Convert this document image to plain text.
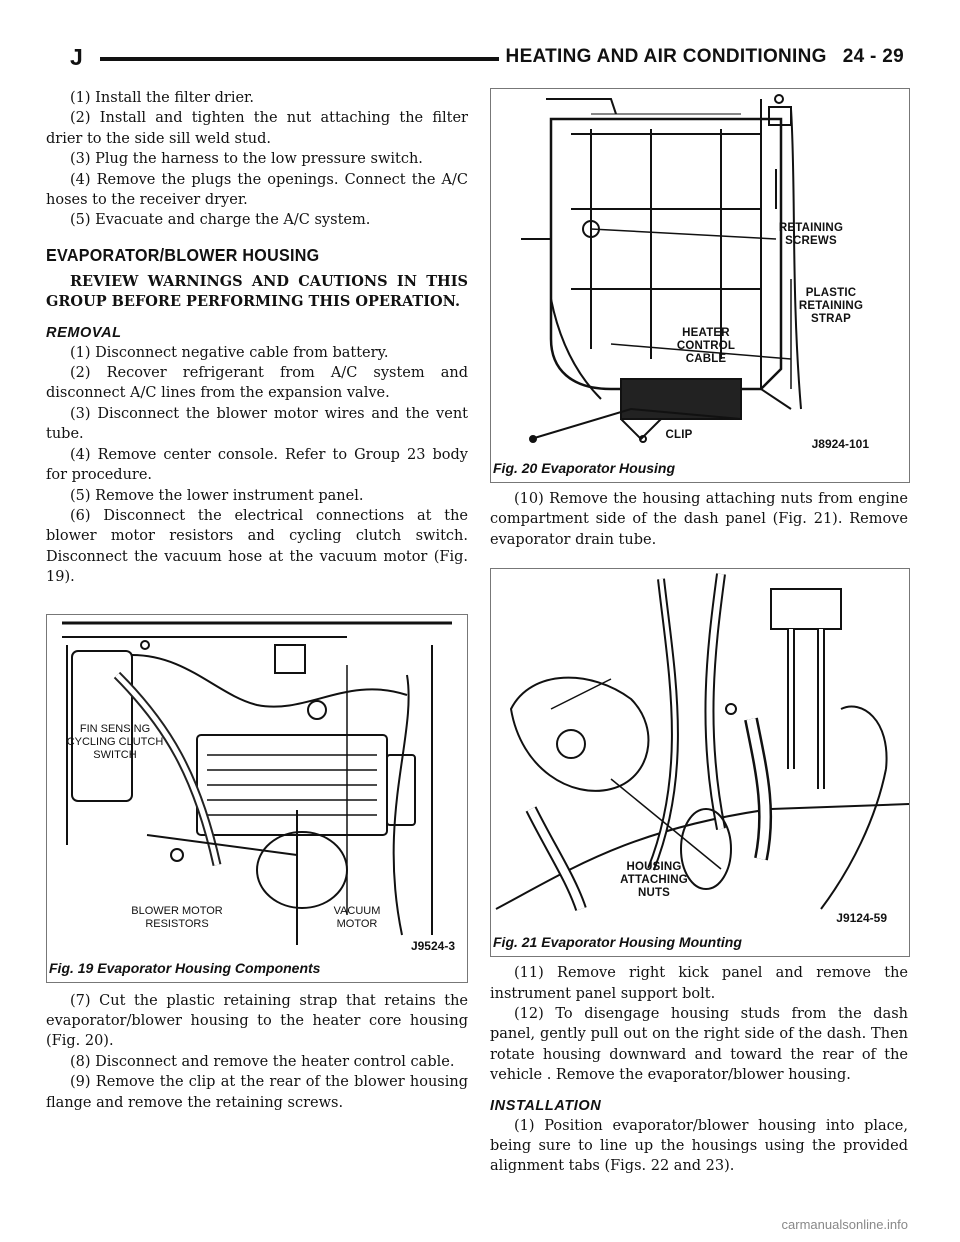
J	HEATING AND AIR CONDITIONING 24 - 29

(1) Install the filter drier.

(2) Install and tighten the nut attaching the filter drier to the side sill weld stud.

(3) Plug the harness to the low pressure switch.

(4) Remove the plugs the openings. Connect the A/C hoses to the receiver dryer.

(5) Evacuate and charge the A/C system.

EVAPORATOR/BLOWER HOUSING

REVIEW WARNINGS AND CAUTIONS IN THIS GROUP BEFORE PERFORMING THIS OPERATION.

REMOVAL

(1) Disconnect negative cable from battery.

(2) Recover refrigerant from A/C system and disconnect A/C lines from the expansion valve.

(3) Disconnect the blower motor wires and the vent tube.

(4) Remove center console. Refer to Group 23 body for procedure.

(5) Remove the lower instrument panel.

(6) Disconnect the electrical connections at the blower motor resistors and cycling clutch switch. Disconnect the vacuum hose at the vacuum motor (Fig. 19).

FIN SENSING CYCLING CLUTCH SWITCH
BLOWER MOTOR RESISTORS
VACUUM MOTOR
J9524-3
Fig. 19 Evaporator Housing Components

(7) Cut the plastic retaining strap that retains the evaporator/blower housing to the heater core housing (Fig. 20).

(8) Disconnect and remove the heater control cable.

(9) Remove the clip at the rear of the blower housing flange and remove the retaining screws.

RETAINING SCREWS
PLASTIC RETAINING STRAP
HEATER CONTROL CABLE
CLIP
J8924-101
Fig. 20 Evaporator Housing

(10) Remove the housing attaching nuts from engine compartment side of the dash panel (Fig. 21). Remove evaporator drain tube.

HOUSING ATTACHING NUTS
J9124-59
Fig. 21 Evaporator Housing Mounting

(11) Remove right kick panel and remove the instrument panel support bolt.

(12) To disengage housing studs from the dash panel, gently pull out on the right side of the dash. Then rotate housing downward and toward the rear of the vehicle . Remove the evaporator/blower housing.

INSTALLATION

(1) Position evaporator/blower housing into place, being sure to line up the housings using the provided alignment tabs (Figs. 22 and 23).

carmanualsonline.info
